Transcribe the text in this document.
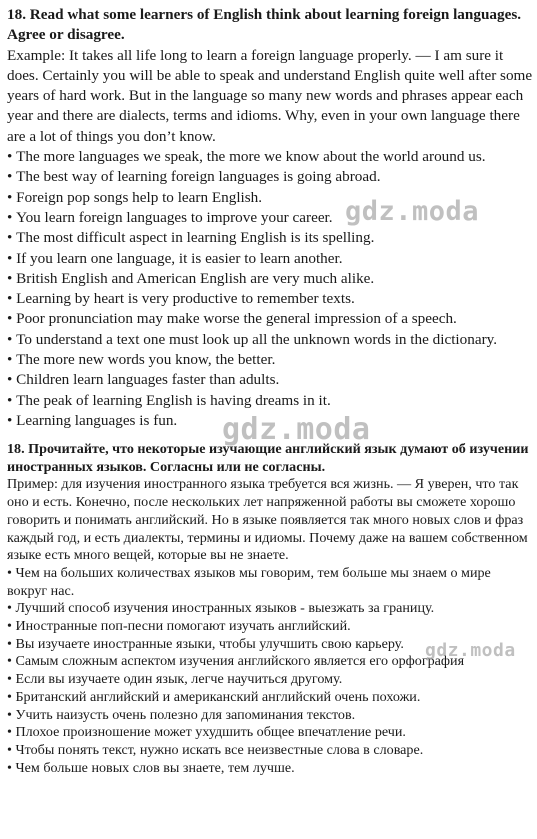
18. Read what some learners of English think about learning foreign languages. Agree or disagree.

Example: It takes all life long to learn a foreign language properly. — I am sure it does. Certainly you will be able to speak and understand English quite well after some years of hard work. But in the language so many new words and phrases appear each year and there are dialects, terms and idioms. Why, even in your own language there are a lot of things you don’t know.

• The more languages we speak, the more we know about the world around us.
• The best way of learning foreign languages is going abroad.
• Foreign pop songs help to learn English.
• You learn foreign languages to improve your career.
• The most difficult aspect in learning English is its spelling.
• If you learn one language, it is easier to learn another.
• British English and American English are very much alike.
• Learning by heart is very productive to remember texts.
• Poor pronunciation may make worse the general impression of a speech.
• To understand a text one must look up all the unknown words in the dictionary.
• The more new words you know, the better.
• Children learn languages faster than adults.
• The peak of learning English is having dreams in it.
• Learning languages is fun.

18. Прочитайте, что некоторые изучающие английский язык думают об изучении иностранных языков. Согласны или не согласны.

Пример: для изучения иностранного языка требуется вся жизнь. — Я уверен, что так оно и есть. Конечно, после нескольких лет напряженной работы вы сможете хорошо говорить и понимать английский. Но в языке появляется так много новых слов и фраз каждый год, и есть диалекты, термины и идиомы. Почему даже на вашем собственном языке есть много вещей, которые вы не знаете.

• Чем на больших количествах языков мы говорим, тем больше мы знаем о мире вокруг нас.
• Лучший способ изучения иностранных языков - выезжать за границу.
• Иностранные поп-песни помогают изучать английский.
• Вы изучаете иностранные языки, чтобы улучшить свою карьеру.
• Самым сложным аспектом изучения английского является его орфография
• Если вы изучаете один язык, легче научиться другому.
• Британский английский и американский английский очень похожи.
• Учить наизусть очень полезно для запоминания текстов.
• Плохое произношение может ухудшить общее впечатление речи.
• Чтобы понять текст, нужно искать все неизвестные слова в словаре.
• Чем больше новых слов вы знаете, тем лучше.
gdz.moda
gdz.moda
gdz.moda
